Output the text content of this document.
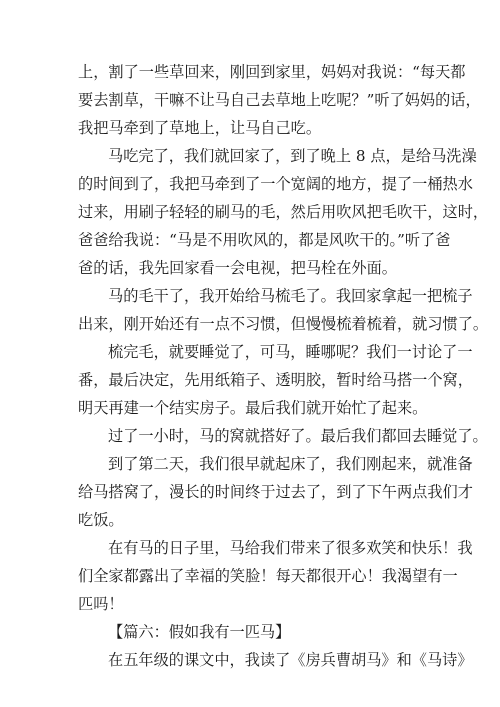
上，割了一些草回来，刚回到家里，妈妈对我说：“每天都
要去割草，干嘛不让马自己去草地上吃呢？”听了妈妈的话，
我把马牵到了草地上，让马自己吃。
马吃完了，我们就回家了，到了晚上 8 点，是给马洗澡
的时间到了，我把马牵到了一个宽阔的地方，提了一桶热水
过来，用刷子轻轻的刷马的毛，然后用吹风把毛吹干，这时，
爸爸给我说：“马是不用吹风的，都是风吹干的。”听了爸
爸的话，我先回家看一会电视，把马栓在外面。
马的毛干了，我开始给马梳毛了。我回家拿起一把梳子
出来，刚开始还有一点不习惯，但慢慢梳着梳着，就习惯了。
梳完毛，就要睡觉了，可马，睡哪呢？我们一讨论了一
番，最后决定，先用纸箱子、透明胶，暂时给马搭一个窝，
明天再建一个结实房子。最后我们就开始忙了起来。
过了一小时，马的窝就搭好了。最后我们都回去睡觉了。
到了第二天，我们很早就起床了，我们刚起来，就准备
给马搭窝了，漫长的时间终于过去了，到了下午两点我们才
吃饭。
在有马的日子里，马给我们带来了很多欢笑和快乐！我
们全家都露出了幸福的笑脸！每天都很开心！我渴望有一
匹吗！
【篇六：假如我有一匹马】
在五年级的课文中，我读了《房兵曹胡马》和《马诗》
